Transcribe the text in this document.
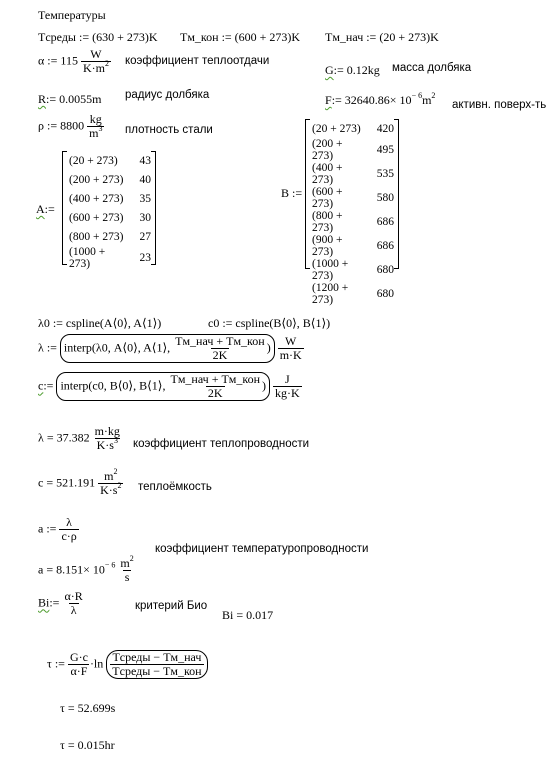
Температуры
Tсреды := (630 + 273)K Tм_кон := (600 + 273)K Tм_нач := (20 + 273)K
α := $115 \frac{W}{K\cdot m^2}$ коэффициент теплоотдачи
G:= 0.12kg масса долбяка
R:= 0.0055m радиус долбяка	F:= $32640.86\times 10^{- 6}m^2$
активн. поверх-ть
ρ := $8800 \frac{kg}{m^3}$ плотность стали
A:=
(20 + 273)	43
(200 + 273)	40
(400 + 273)	35
(600 + 273)	30
(800 + 273)	27
(1000 + 273)	23
B :=
(20 + 273)	420
(200 + 273)	495
(400 + 273)	535
(600 + 273)	580
(800 + 273)	686
(900 + 273)	686
(1000 + 273)	680
(1200 + 273)	680
λ0 := cspline(A⟨0⟩, A⟨1⟩)	c0 := cspline(B⟨0⟩, B⟨1⟩)
λ := interp(λ0, A⟨0⟩, A⟨1⟩, $\frac{\text{Tм\_нач + Tм\_кон}}{2K}$ ) $\frac{W}{m\cdot K}$
c:= interp(c0, B⟨0⟩, B⟨1⟩, $\frac{\text{Tм\_нач + Tм\_кон}}{2K}$ ) $\frac{J}{kg\cdot K}$
$\lambda = 37.382 \frac{m\cdot kg}{K\cdot s^3}$ коэффициент теплопроводности
$c = 521.191 \frac{m^2}{K\cdot s^2}$ теплоёмкость
a := $\frac{\lambda}{c\cdot\rho}$
коэффициент температуропроводности
$a = 8.151\times 10^{- 6} \frac{m^2}{s}$
Bi:= $\frac{\alpha\cdot R}{\lambda}$	критерий Био
Bi = 0.017
τ := $\frac{G\cdot c}{\alpha\cdot F} \cdot\ln \frac{\text{Tсреды − Tм\_нач}}{\text{Tсреды − Tм\_кон}}$
τ = 52.699s
τ = 0.015hr
